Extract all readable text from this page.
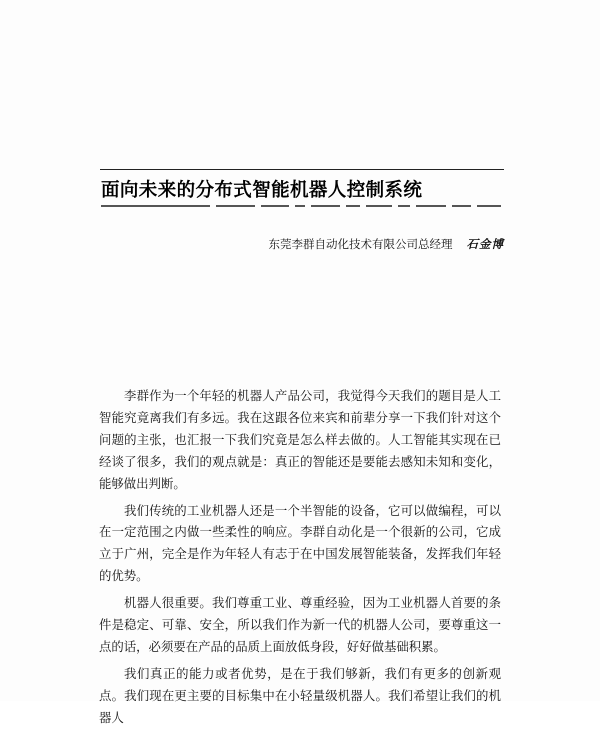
面向未来的分布式智能机器人控制系统
东莞李群自动化技术有限公司总经理 石金博

李群作为一个年轻的机器人产品公司，我觉得今天我们的题目是人工智能究竟离我们有多远。我在这跟各位来宾和前辈分享一下我们针对这个问题的主张，也汇报一下我们究竟是怎么样去做的。人工智能其实现在已经谈了很多，我们的观点就是：真正的智能还是要能去感知未知和变化，能够做出判断。

我们传统的工业机器人还是一个半智能的设备，它可以做编程，可以在一定范围之内做一些柔性的响应。李群自动化是一个很新的公司，它成立于广州，完全是作为年轻人有志于在中国发展智能装备，发挥我们年轻的优势。

机器人很重要。我们尊重工业、尊重经验，因为工业机器人首要的条件是稳定、可靠、安全，所以我们作为新一代的机器人公司，要尊重这一点的话，必须要在产品的品质上面放低身段，好好做基础积累。

我们真正的能力或者优势，是在于我们够新，我们有更多的创新观点。我们现在更主要的目标集中在小轻量级机器人。我们希望让我们的机器人
